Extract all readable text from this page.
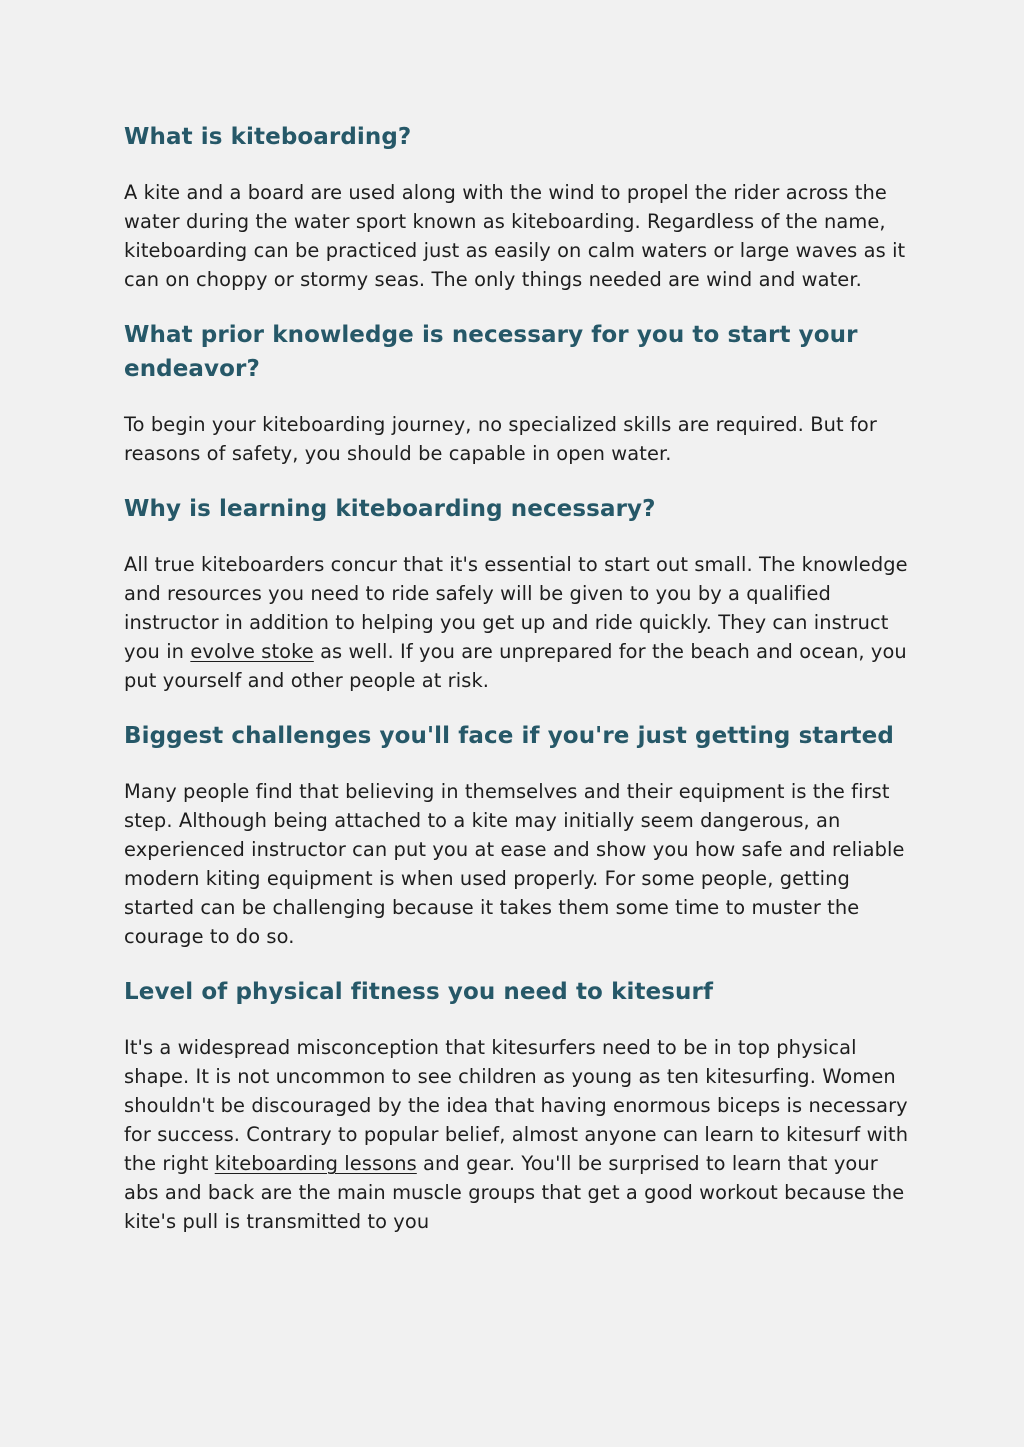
What is kiteboarding?

A kite and a board are used along with the wind to propel the rider across the water during the water sport known as kiteboarding. Regardless of the name, kiteboarding can be practiced just as easily on calm waters or large waves as it can on choppy or stormy seas. The only things needed are wind and water.

What prior knowledge is necessary for you to start your endeavor?

To begin your kiteboarding journey, no specialized skills are required. But for reasons of safety, you should be capable in open water.

Why is learning kiteboarding necessary?

All true kiteboarders concur that it's essential to start out small. The knowledge and resources you need to ride safely will be given to you by a qualified instructor in addition to helping you get up and ride quickly. They can instruct you in evolve stoke as well. If you are unprepared for the beach and ocean, you put yourself and other people at risk.

Biggest challenges you'll face if you're just getting started

Many people find that believing in themselves and their equipment is the first step. Although being attached to a kite may initially seem dangerous, an experienced instructor can put you at ease and show you how safe and reliable modern kiting equipment is when used properly. For some people, getting started can be challenging because it takes them some time to muster the courage to do so.

Level of physical fitness you need to kitesurf

It's a widespread misconception that kitesurfers need to be in top physical shape. It is not uncommon to see children as young as ten kitesurfing. Women shouldn't be discouraged by the idea that having enormous biceps is necessary for success. Contrary to popular belief, almost anyone can learn to kitesurf with the right kiteboarding lessons and gear. You'll be surprised to learn that your abs and back are the main muscle groups that get a good workout because the kite's pull is transmitted to you
